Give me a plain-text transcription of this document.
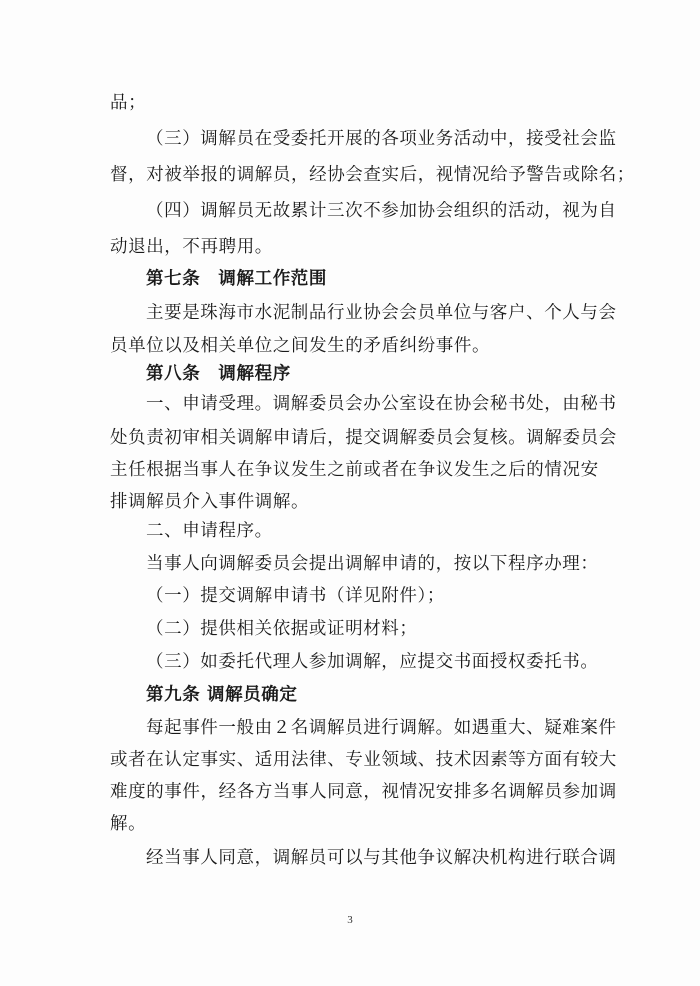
品；
（三）调解员在受委托开展的各项业务活动中，接受社会监
督，对被举报的调解员，经协会查实后，视情况给予警告或除名；
（四）调解员无故累计三次不参加协会组织的活动，视为自
动退出，不再聘用。
第七条　调解工作范围
主要是珠海市水泥制品行业协会会员单位与客户、个人与会
员单位以及相关单位之间发生的矛盾纠纷事件。
第八条　调解程序
一、申请受理。调解委员会办公室设在协会秘书处，由秘书
处负责初审相关调解申请后，提交调解委员会复核。调解委员会
主任根据当事人在争议发生之前或者在争议发生之后的情况安
排调解员介入事件调解。
二、申请程序。
当事人向调解委员会提出调解申请的，按以下程序办理：
（一）提交调解申请书（详见附件）；
（二）提供相关依据或证明材料；
（三）如委托代理人参加调解，应提交书面授权委托书。
第九条 调解员确定
每起事件一般由２名调解员进行调解。如遇重大、疑难案件
或者在认定事实、适用法律、专业领域、技术因素等方面有较大
难度的事件，经各方当事人同意，视情况安排多名调解员参加调
解。
经当事人同意，调解员可以与其他争议解决机构进行联合调
3
